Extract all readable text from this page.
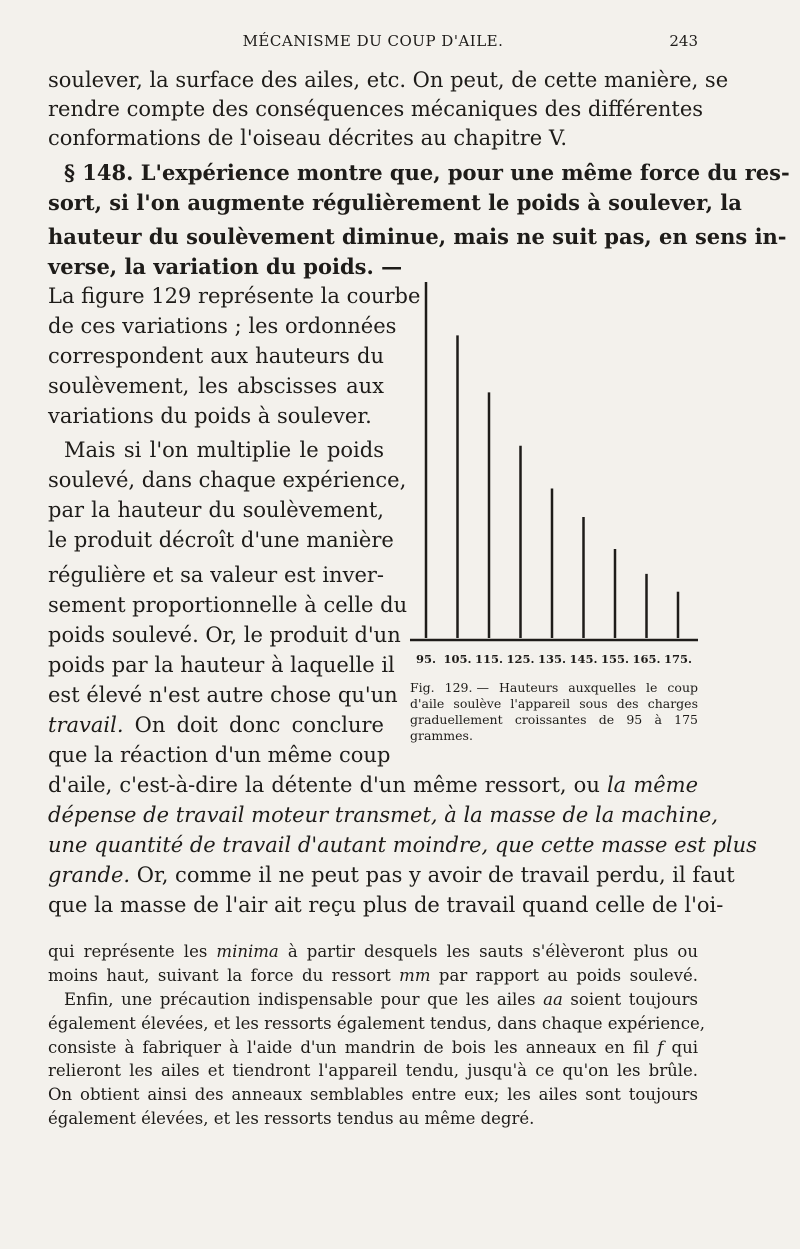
MÉCANISME DU COUP D'AILE.	243
soulever, la surface des ailes, etc. On peut, de cette manière, se
rendre compte des conséquences mécaniques des différentes
conformations de l'oiseau décrites au chapitre V.
§ 148. L'expérience montre que, pour une même force du res-
sort, si l'on augmente régulièrement le poids à soulever, la
hauteur du soulèvement diminue, mais ne suit pas, en sens in-
verse, la variation du poids. —
La figure 129 représente la courbe
de ces variations ; les ordonnées
correspondent aux hauteurs du
soulèvement, les abscisses aux
variations du poids à soulever.
Mais si l'on multiplie le poids
soulevé, dans chaque expérience,
par la hauteur du soulèvement,
le produit décroît d'une manière
régulière et sa valeur est inver-
sement proportionnelle à celle du
poids soulevé. Or, le produit d'un
poids par la hauteur à laquelle il
est élevé n'est autre chose qu'un
travail. On doit donc conclure
que la réaction d'un même coup
d'aile, c'est-à-dire la détente d'un même ressort, ou la même
dépense de travail moteur transmet, à la masse de la machine,
une quantité de travail d'autant moindre, que cette masse est plus
grande. Or, comme il ne peut pas y avoir de travail perdu, il faut
que la masse de l'air ait reçu plus de travail quand celle de l'oi-
95. 105. 115. 125. 135. 145. 155. 165. 175.
Fig. 129. — Hauteurs auxquelles le coup d'aile soulève l'appareil sous des charges graduellement croissantes de 95 à 175 grammes.
qui représente les minima à partir desquels les sauts s'élèveront plus ou
moins haut, suivant la force du ressort mm par rapport au poids soulevé.
Enfin, une précaution indispensable pour que les ailes aa soient toujours
également élevées, et les ressorts également tendus, dans chaque expérience,
consiste à fabriquer à l'aide d'un mandrin de bois les anneaux en fil f qui
relieront les ailes et tiendront l'appareil tendu, jusqu'à ce qu'on les brûle.
On obtient ainsi des anneaux semblables entre eux; les ailes sont toujours
également élevées, et les ressorts tendus au même degré.
